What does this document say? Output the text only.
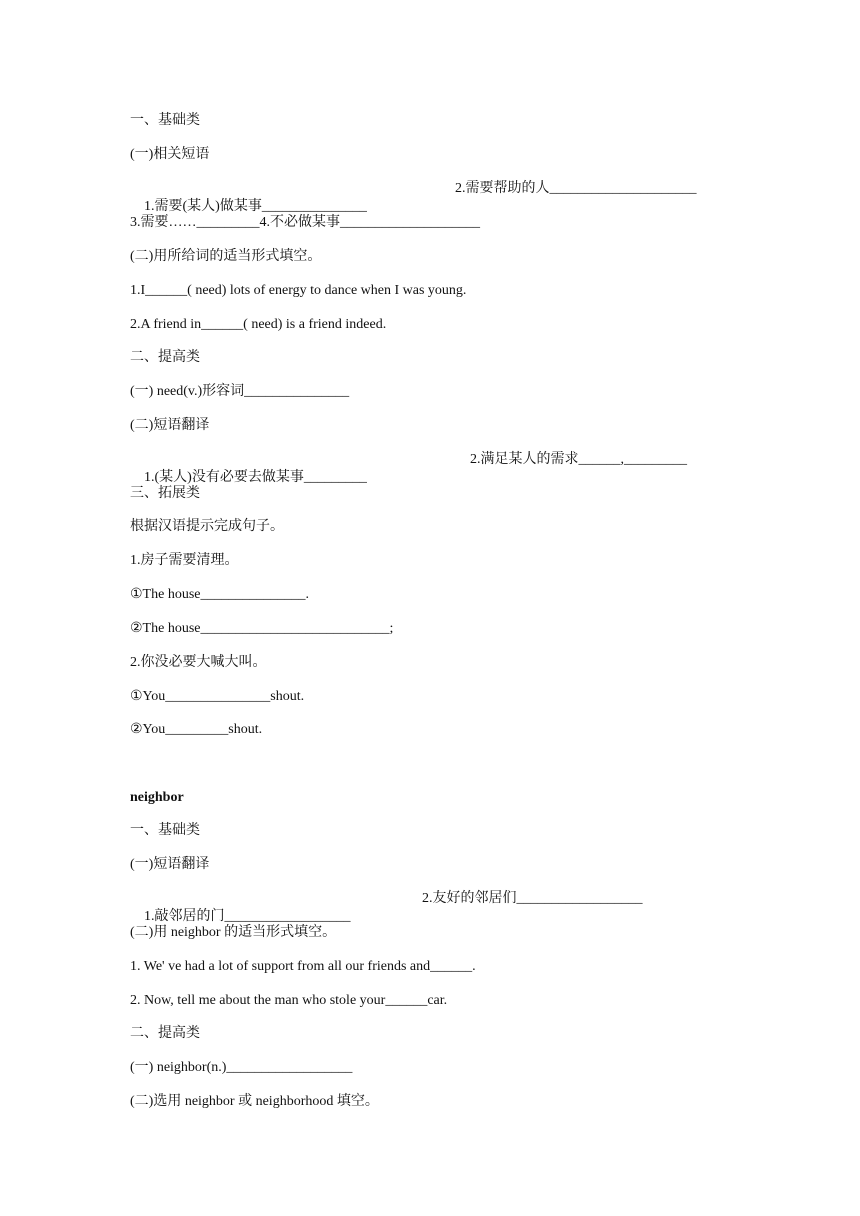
一、基础类
(一)相关短语

1.需要(某人)做某事_______________

2.需要帮助的人_____________________

3.需要……_________4.不必做某事____________________
(二)用所给词的适当形式填空。
1.I______( need) lots of energy to dance when I was young.
2.A friend in______( need) is a friend indeed.
二、提高类
(一) need(v.)形容词_______________
(二)短语翻译

1.(某人)没有必要去做某事_________

2.满足某人的需求______,_________

三、拓展类
根据汉语提示完成句子。
1.房子需要清理。
①The house_______________.
②The house___________________________;
2.你没必要大喊大叫。
①You_______________shout.
②You_________shout.
neighbor
一、基础类
(一)短语翻译

1.敲邻居的门__________________

2.友好的邻居们__________________

(二)用 neighbor 的适当形式填空。
1. We' ve had a lot of support from all our friends and______.
2. Now, tell me about the man who stole your______car.
二、提高类
(一) neighbor(n.)__________________
(二)选用 neighbor 或 neighborhood 填空。
